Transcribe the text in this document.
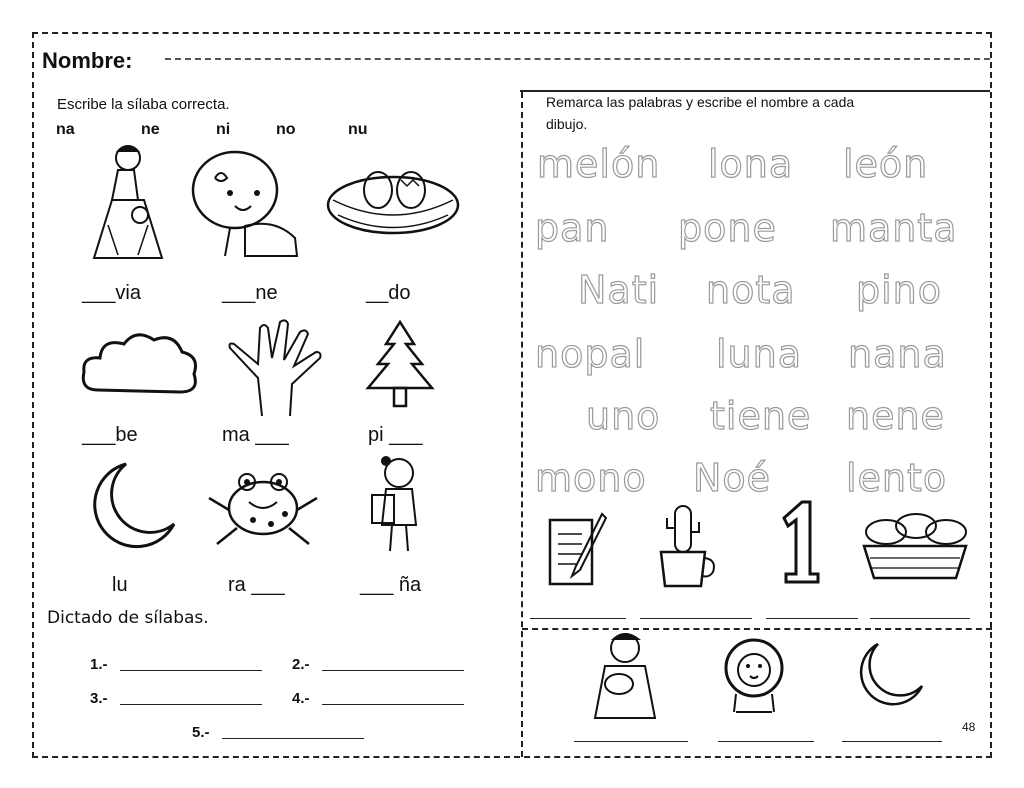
Nombre:
Escribe la sílaba correcta.
na	ne	ni	no	nu
___via	___ne	__do
___be	ma ___	pi ___
lu	ra ___	___ ña
Dictado de sílabas.
1.-	2.-
3.-	4.-
5.-
Remarca las palabras y escribe el nombre a cada
dibujo.
melón lona león
pan pone manta
Nati nota pino
nopal luna nana
uno tiene nene
mono Noé lento
48
